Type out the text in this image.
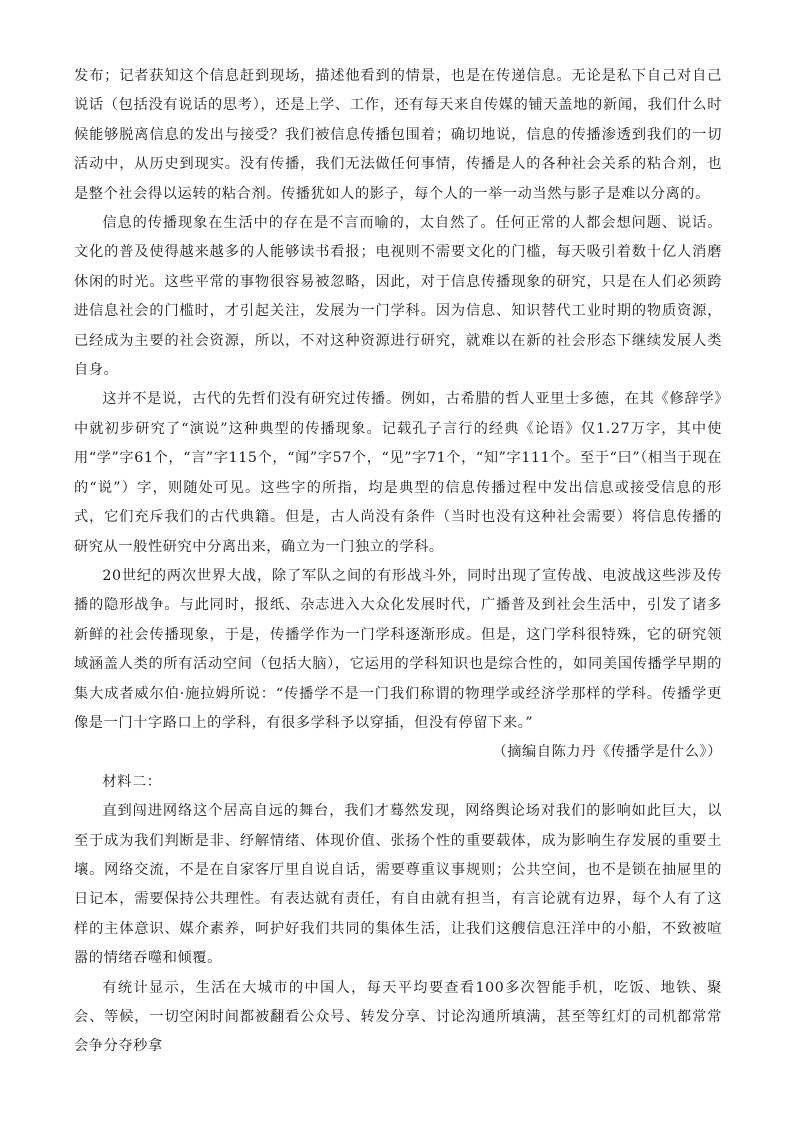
发布；记者获知这个信息赶到现场，描述他看到的情景，也是在传递信息。无论是私下自己对自己说话（包括没有说话的思考），还是上学、工作，还有每天来自传媒的铺天盖地的新闻，我们什么时候能够脱离信息的发出与接受？我们被信息传播包围着；确切地说，信息的传播渗透到我们的一切活动中，从历史到现实。没有传播，我们无法做任何事情，传播是人的各种社会关系的粘合剂，也是整个社会得以运转的粘合剂。传播犹如人的影子，每个人的一举一动当然与影子是难以分离的。

信息的传播现象在生活中的存在是不言而喻的，太自然了。任何正常的人都会想问题、说话。文化的普及使得越来越多的人能够读书看报；电视则不需要文化的门槛，每天吸引着数十亿人消磨休闲的时光。这些平常的事物很容易被忽略，因此，对于信息传播现象的研究，只是在人们必须跨进信息社会的门槛时，才引起关注，发展为一门学科。因为信息、知识替代工业时期的物质资源，已经成为主要的社会资源，所以，不对这种资源进行研究，就难以在新的社会形态下继续发展人类自身。

这并不是说，古代的先哲们没有研究过传播。例如，古希腊的哲人亚里士多德，在其《修辞学》中就初步研究了“演说”这种典型的传播现象。记载孔子言行的经典《论语》仅1.27万字，其中使用“学”字61个，“言”字115个，“闻”字57个，“见”字71个，“知”字111个。至于“曰”（相当于现在的“说”）字，则随处可见。这些字的所指，均是典型的信息传播过程中发出信息或接受信息的形式，它们充斥我们的古代典籍。但是，古人尚没有条件（当时也没有这种社会需要）将信息传播的研究从一般性研究中分离出来，确立为一门独立的学科。

20世纪的两次世界大战，除了军队之间的有形战斗外，同时出现了宣传战、电波战这些涉及传播的隐形战争。与此同时，报纸、杂志进入大众化发展时代，广播普及到社会生活中，引发了诸多新鲜的社会传播现象，于是，传播学作为一门学科逐渐形成。但是，这门学科很特殊，它的研究领域涵盖人类的所有活动空间（包括大脑），它运用的学科知识也是综合性的，如同美国传播学早期的集大成者威尔伯·施拉姆所说：“传播学不是一门我们称谓的物理学或经济学那样的学科。传播学更像是一门十字路口上的学科，有很多学科予以穿插，但没有停留下来。”

（摘编自陈力丹《传播学是什么》）

材料二：

直到闯进网络这个居高自远的舞台，我们才蓦然发现，网络舆论场对我们的影响如此巨大，以至于成为我们判断是非、纾解情绪、体现价值、张扬个性的重要载体，成为影响生存发展的重要土壤。网络交流，不是在自家客厅里自说自话，需要尊重议事规则；公共空间，也不是锁在抽屉里的日记本，需要保持公共理性。有表达就有责任，有自由就有担当，有言论就有边界，每个人有了这样的主体意识、媒介素养，呵护好我们共同的集体生活，让我们这艘信息汪洋中的小船，不致被喧嚣的情绪吞噬和倾覆。

有统计显示，生活在大城市的中国人，每天平均要查看100多次智能手机，吃饭、地铁、聚会、等候，一切空闲时间都被翻看公众号、转发分享、讨论沟通所填满，甚至等红灯的司机都常常会争分夺秒拿
